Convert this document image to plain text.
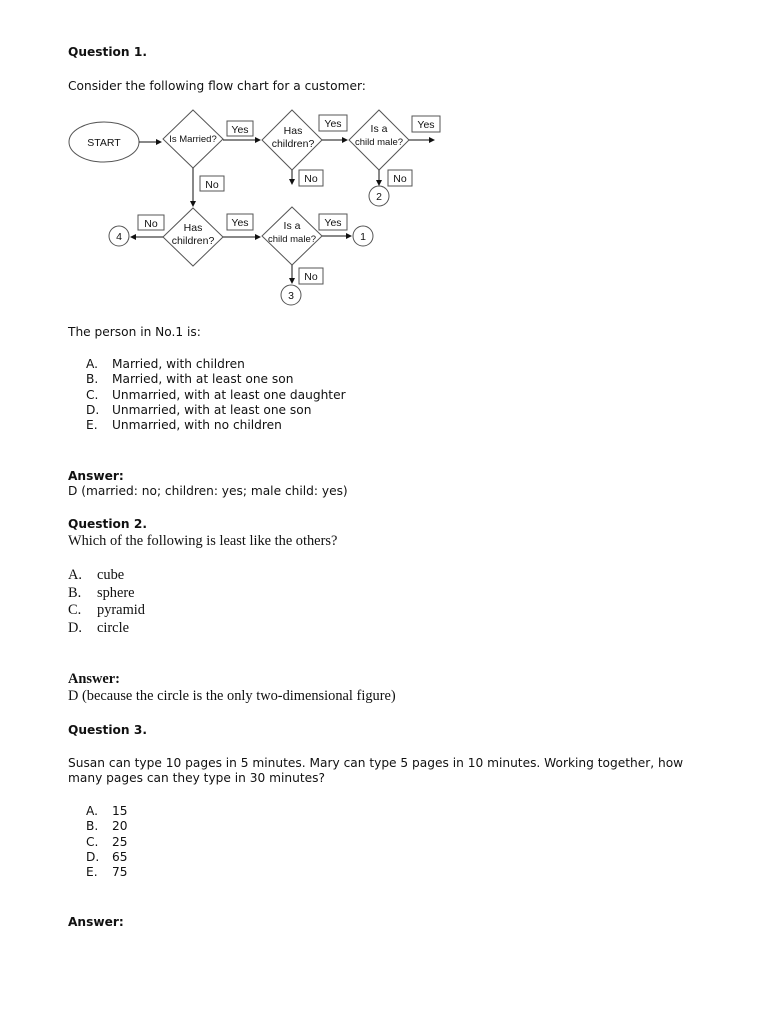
Question 1.
Consider the following flow chart for a customer:
START	Is Married?
Has
children?
Is a
child male?
Has
children?
Is a
child male?
Yes	Yes	Yes
Yes	Yes
No	No	No
No
No
1
2
3
4
The person in No.1 is:
A. Married, with children
B. Married, with at least one son
C. Unmarried, with at least one daughter
D. Unmarried, with at least one son
E. Unmarried, with no children
Answer:
D (married: no; children: yes; male child: yes)
Question 2.
Which of the following is least like the others?
A. cube
B. sphere
C. pyramid
D. circle
Answer:
D (because the circle is the only two-dimensional figure)
Question 3.
Susan can type 10 pages in 5 minutes. Mary can type 5 pages in 10 minutes. Working together, how
many pages can they type in 30 minutes?
A. 15
B. 20
C. 25
D. 65
E. 75
Answer:
